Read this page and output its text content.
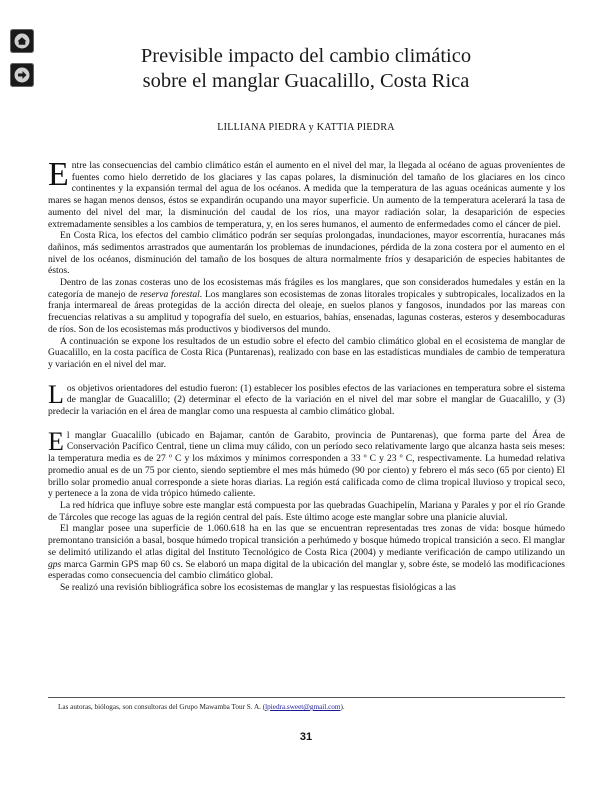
Previsible impacto del cambio climático
sobre el manglar Guacalillo, Costa Rica
LILLIANA PIEDRA y KATTIA PIEDRA

Entre las consecuencias del cambio climático están el aumento en el nivel del mar, la llegada al océano de aguas provenientes de fuentes como hielo derretido de los glaciares y las capas polares, la disminución del tamaño de los glaciares en los cinco continentes y la expansión termal del agua de los océanos. A medida que la temperatura de las aguas oceánicas aumente y los mares se hagan menos densos, éstos se expandirán ocupando una mayor superficie. Un aumento de la temperatura acelerará la tasa de aumento del nivel del mar, la disminución del caudal de los ríos, una mayor radiación solar, la desaparición de especies extremadamente sensibles a los cambios de temperatura, y, en los seres humanos, el aumento de enfermedades como el cáncer de piel.

En Costa Rica, los efectos del cambio climático podrán ser sequías prolongadas, inundaciones, mayor escorrentía, huracanes más dañinos, más sedimentos arrastrados que aumentarán los problemas de inundaciones, pérdida de la zona costera por el aumento en el nivel de los océanos, disminución del tamaño de los bosques de altura normalmente fríos y desaparición de especies habitantes de éstos.

Dentro de las zonas costeras uno de los ecosistemas más frágiles es los manglares, que son considerados humedales y están en la categoría de manejo de reserva forestal. Los manglares son ecosistemas de zonas litorales tropicales y subtropicales, localizados en la franja intermareal de áreas protegidas de la acción directa del oleaje, en suelos planos y fangosos, inundados por las mareas con frecuencias relativas a su amplitud y topografía del suelo, en estuarios, bahías, ensenadas, lagunas costeras, esteros y desembocaduras de ríos. Son de los ecosistemas más productivos y biodiversos del mundo.

A continuación se expone los resultados de un estudio sobre el efecto del cambio climático global en el ecosistema de manglar de Guacalillo, en la costa pacífica de Costa Rica (Puntarenas), realizado con base en las estadísticas mundiales de cambio de temperatura y variación en el nivel del mar.

Los objetivos orientadores del estudio fueron: (1) establecer los posibles efectos de las variaciones en temperatura sobre el sistema de manglar de Guacalillo; (2) determinar el efecto de la variación en el nivel del mar sobre el manglar de Guacalillo, y (3) predecir la variación en el área de manglar como una respuesta al cambio climático global.

El manglar Guacalillo (ubicado en Bajamar, cantón de Garabito, provincia de Puntarenas), que forma parte del Área de Conservación Pacífico Central, tiene un clima muy cálido, con un período seco relativamente largo que alcanza hasta seis meses: la temperatura media es de 27 º C y los máximos y mínimos corresponden a 33 º C y 23 º C, respectivamente. La humedad relativa promedio anual es de un 75 por ciento, siendo septiembre el mes más húmedo (90 por ciento) y febrero el más seco (65 por ciento) El brillo solar promedio anual corresponde a siete horas diarias. La región está calificada como de clima tropical lluvioso y tropical seco, y pertenece a la zona de vida trópico húmedo caliente.

La red hídrica que influye sobre este manglar está compuesta por las quebradas Guachipelín, Mariana y Parales y por el río Grande de Tárcoles que recoge las aguas de la región central del país. Este último acoge este manglar sobre una planicie aluvial.

El manglar posee una superficie de 1.060.618 ha en las que se encuentran representadas tres zonas de vida: bosque húmedo premontano transición a basal, bosque húmedo tropical transición a perhúmedo y bosque húmedo tropical transición a seco. El manglar se delimitó utilizando el atlas digital del Instituto Tecnológico de Costa Rica (2004) y mediante verificación de campo utilizando un gps marca Garmin GPS map 60 cs. Se elaboró un mapa digital de la ubicación del manglar y, sobre éste, se modeló las modificaciones esperadas como consecuencia del cambio climático global.

Se realizó una revisión bibliográfica sobre los ecosistemas de manglar y las respuestas fisiológicas a las

Las autoras, biólogas, son consultoras del Grupo Mawamba Tour S. A. (lpiedra.sweet@gmail.com).
31
